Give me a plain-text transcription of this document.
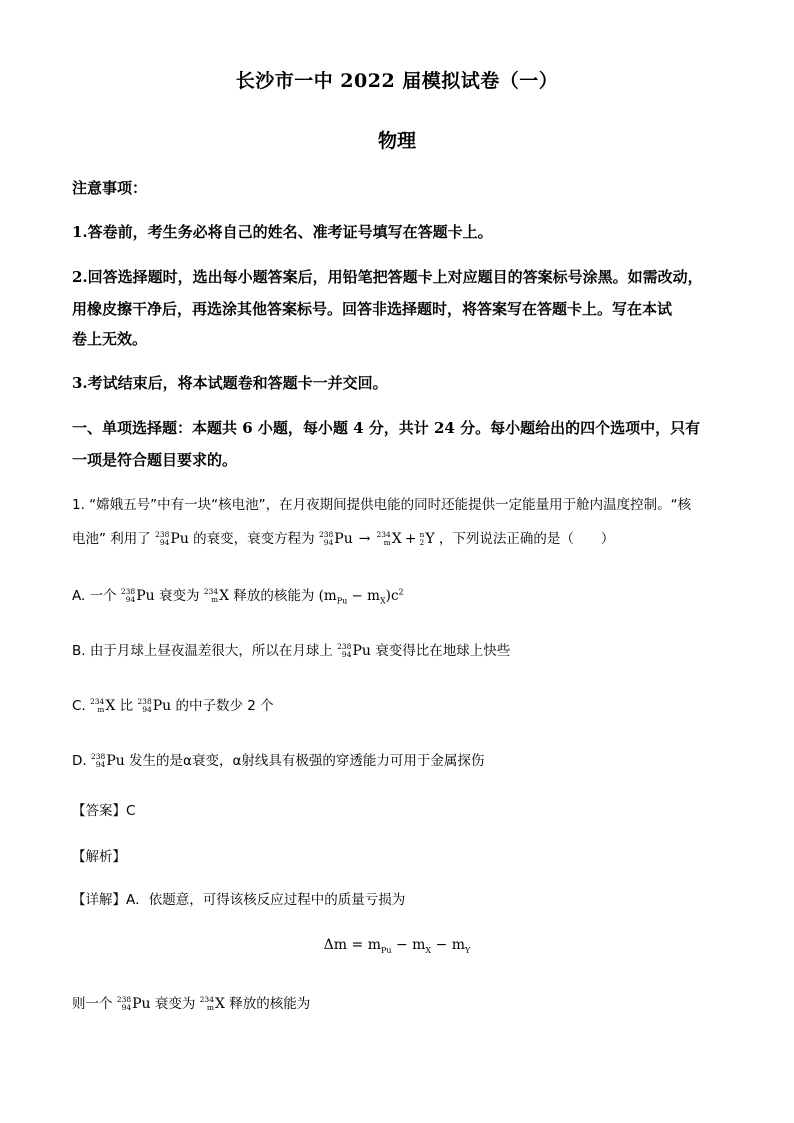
长沙市一中 2022 届模拟试卷（一）
物理
注意事项：
1.答卷前，考生务必将自己的姓名、准考证号填写在答题卡上。
2.回答选择题时，选出每小题答案后，用铅笔把答题卡上对应题目的答案标号涂黑。如需改动，
用橡皮擦干净后，再选涂其他答案标号。回答非选择题时，将答案写在答题卡上。写在本试
卷上无效。
3.考试结束后，将本试题卷和答题卡一并交回。
一、单项选择题：本题共 6 小题，每小题 4 分，共计 24 分。每小题给出的四个选项中，只有
一项是符合题目要求的。
1. “嫦娥五号”中有一块“核电池”，在月夜期间提供电能的同时还能提供一定能量用于舱内温度控制。“核
电池” 利用了 238
94 Pu 的衰变，衰变方程为 238
94 Pu → 234
m X + n
2 Y ，下列说法正确的是（　　）
A. 一个 238
94 Pu 衰变为 234
m X 释放的核能为 $(m_{Pu} - m_X)c^2$
B. 由于月球上昼夜温差很大，所以在月球上 238
94 Pu 衰变得比在地球上快些
C. 234
m X 比 238
94 Pu 的中子数少 2 个
D. 238
94 Pu 发生的是α衰变，α射线具有极强的穿透能力可用于金属探伤
【答案】C
【解析】
【详解】A．依题意，可得该核反应过程中的质量亏损为
$\Delta m = m_{Pu} - m_X - m_Y$
则一个 238
94 Pu 衰变为 234
m X 释放的核能为
